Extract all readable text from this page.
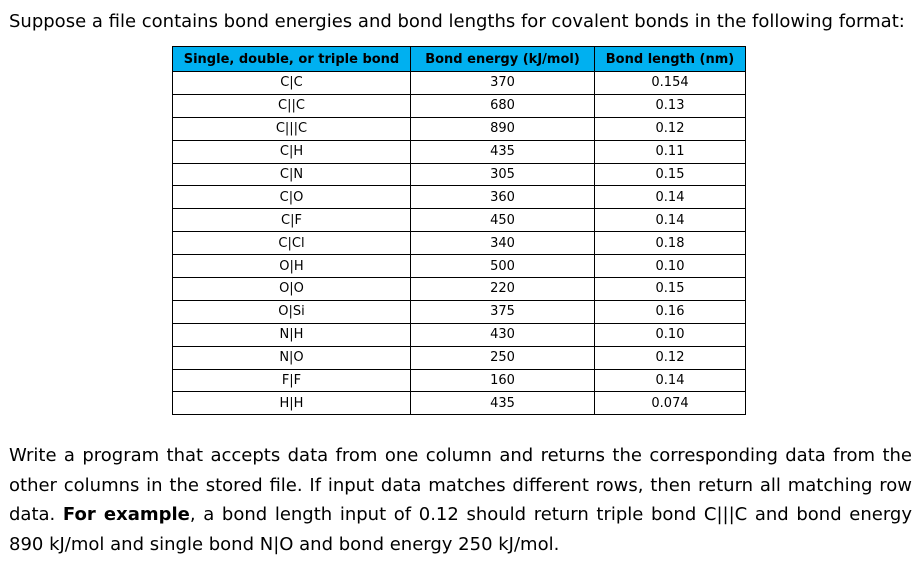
Suppose a file contains bond energies and bond lengths for covalent bonds in the following format:

Single, double, or triple bond	Bond energy (kJ/mol)	Bond length (nm)
C|C	370	0.154
C||C	680	0.13
C|||C	890	0.12
C|H	435	0.11
C|N	305	0.15
C|O	360	0.14
C|F	450	0.14
C|Cl	340	0.18
O|H	500	0.10
O|O	220	0.15
O|Si	375	0.16
N|H	430	0.10
N|O	250	0.12
F|F	160	0.14
H|H	435	0.074

Write a program that accepts data from one column and returns the corresponding data from the other columns in the stored file. If input data matches different rows, then return all matching row data. For example, a bond length input of 0.12 should return triple bond C|||C and bond energy 890 kJ/mol and single bond N|O and bond energy 250 kJ/mol.
